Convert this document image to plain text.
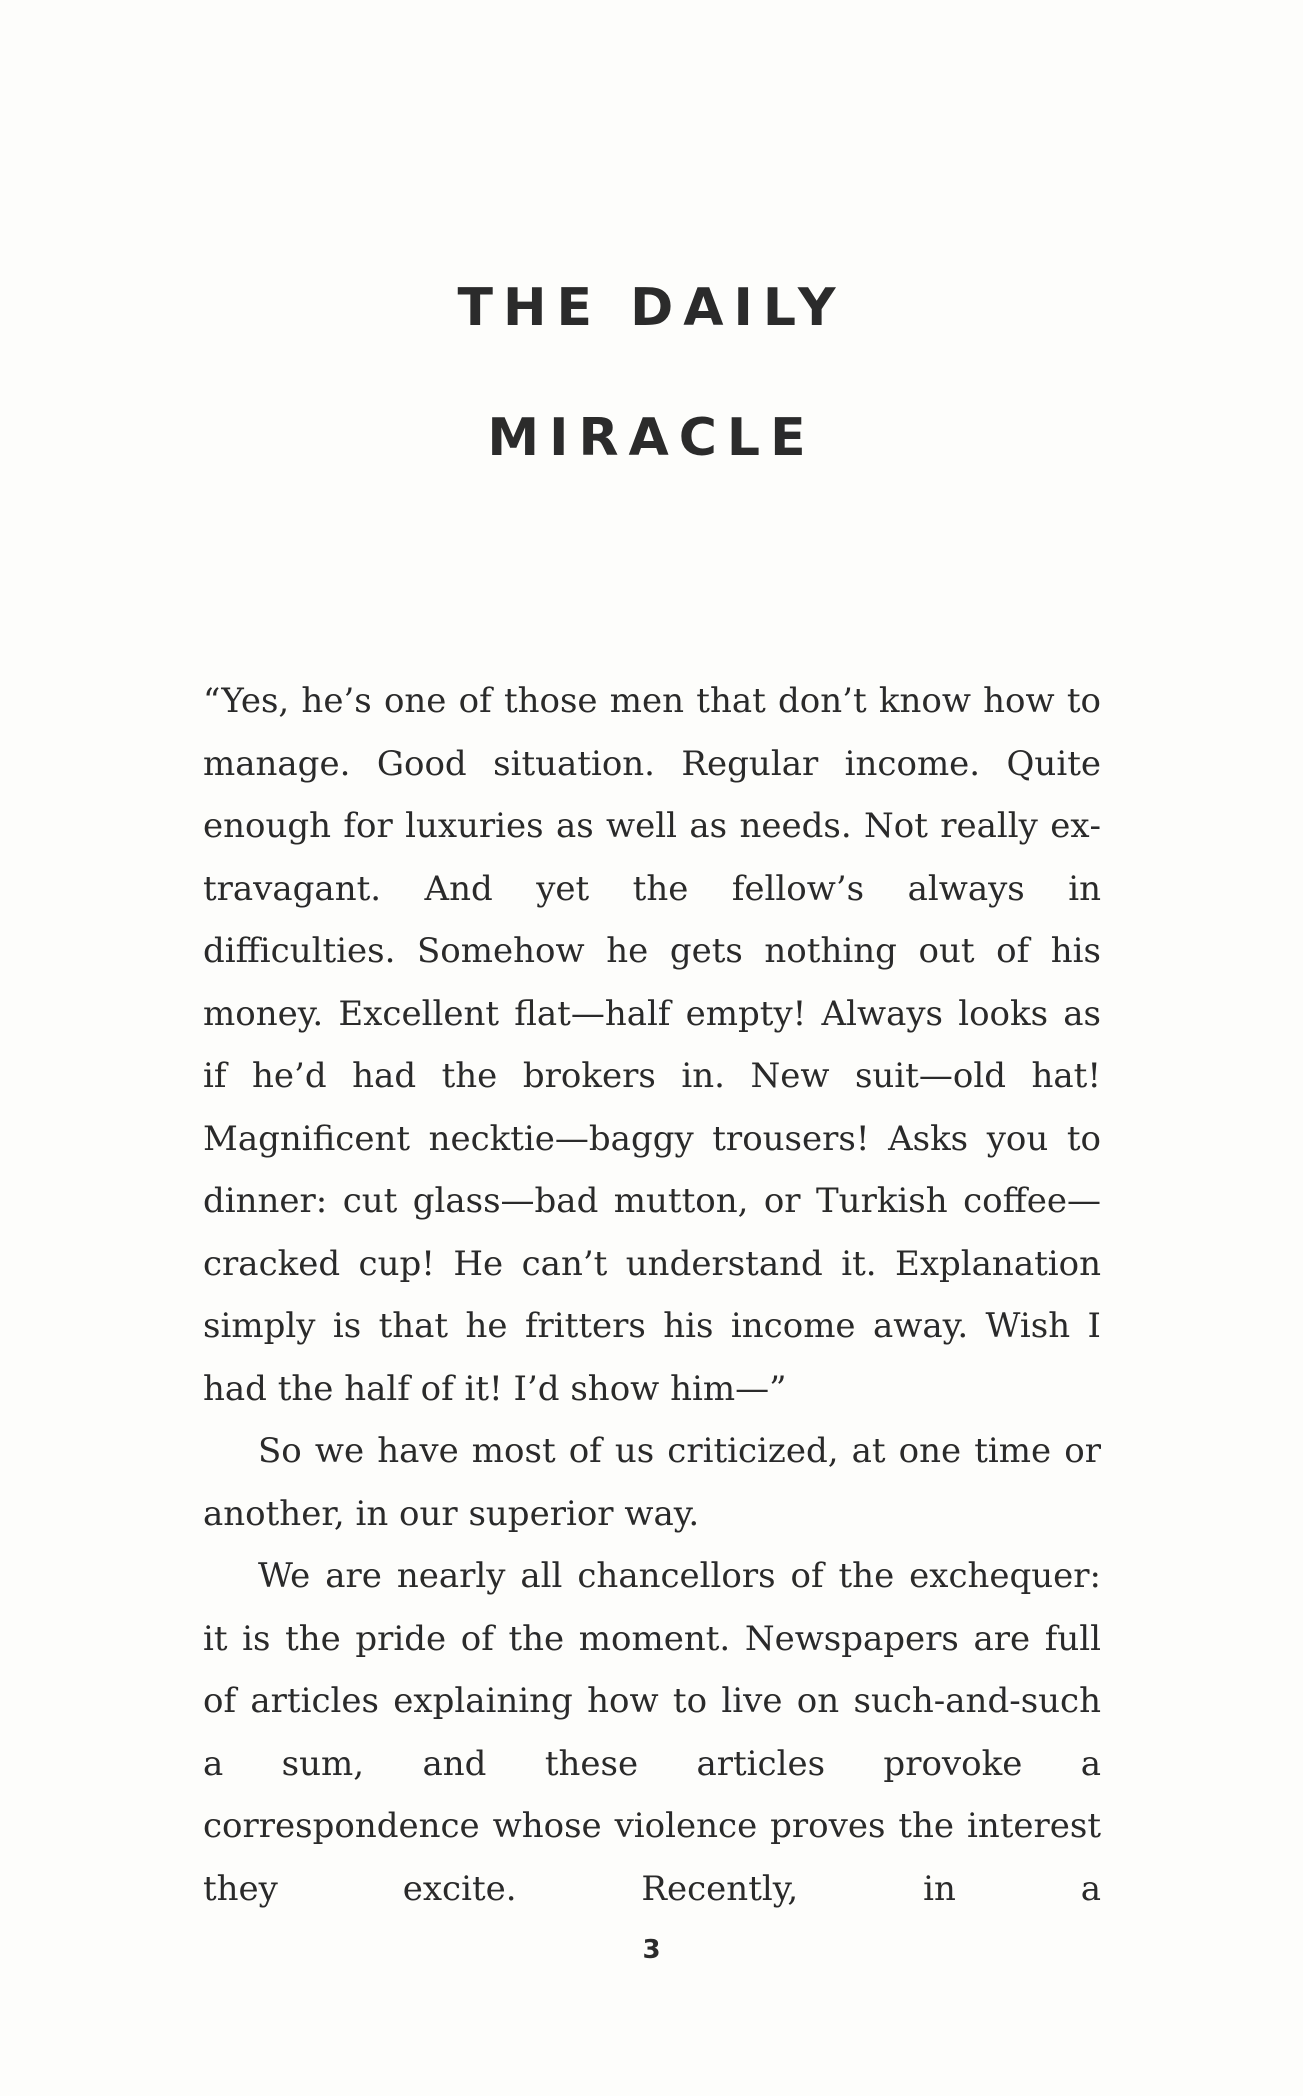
THE DAILY
MIRACLE

“Yes, he’s one of those men that don’t know how to manage. Good situation. Regular income. Quite enough for luxuries as well as needs. Not really extravagant. And yet the fellow’s always in difficulties. Somehow he gets nothing out of his money. Excellent flat—half empty! Always looks as if he’d had the brokers in. New suit—old hat! Magnificent necktie—baggy trousers! Asks you to dinner: cut glass—bad mutton, or Turkish coffee—cracked cup! He can’t understand it. Explanation simply is that he fritters his income away. Wish I had the half of it! I’d show him—”

So we have most of us criticized, at one time or another, in our superior way.

We are nearly all chancellors of the exchequer: it is the pride of the moment. Newspapers are full of articles explaining how to live on such-and-such a sum, and these articles provoke a correspondence whose violence proves the interest they excite. Recently, in a

3
